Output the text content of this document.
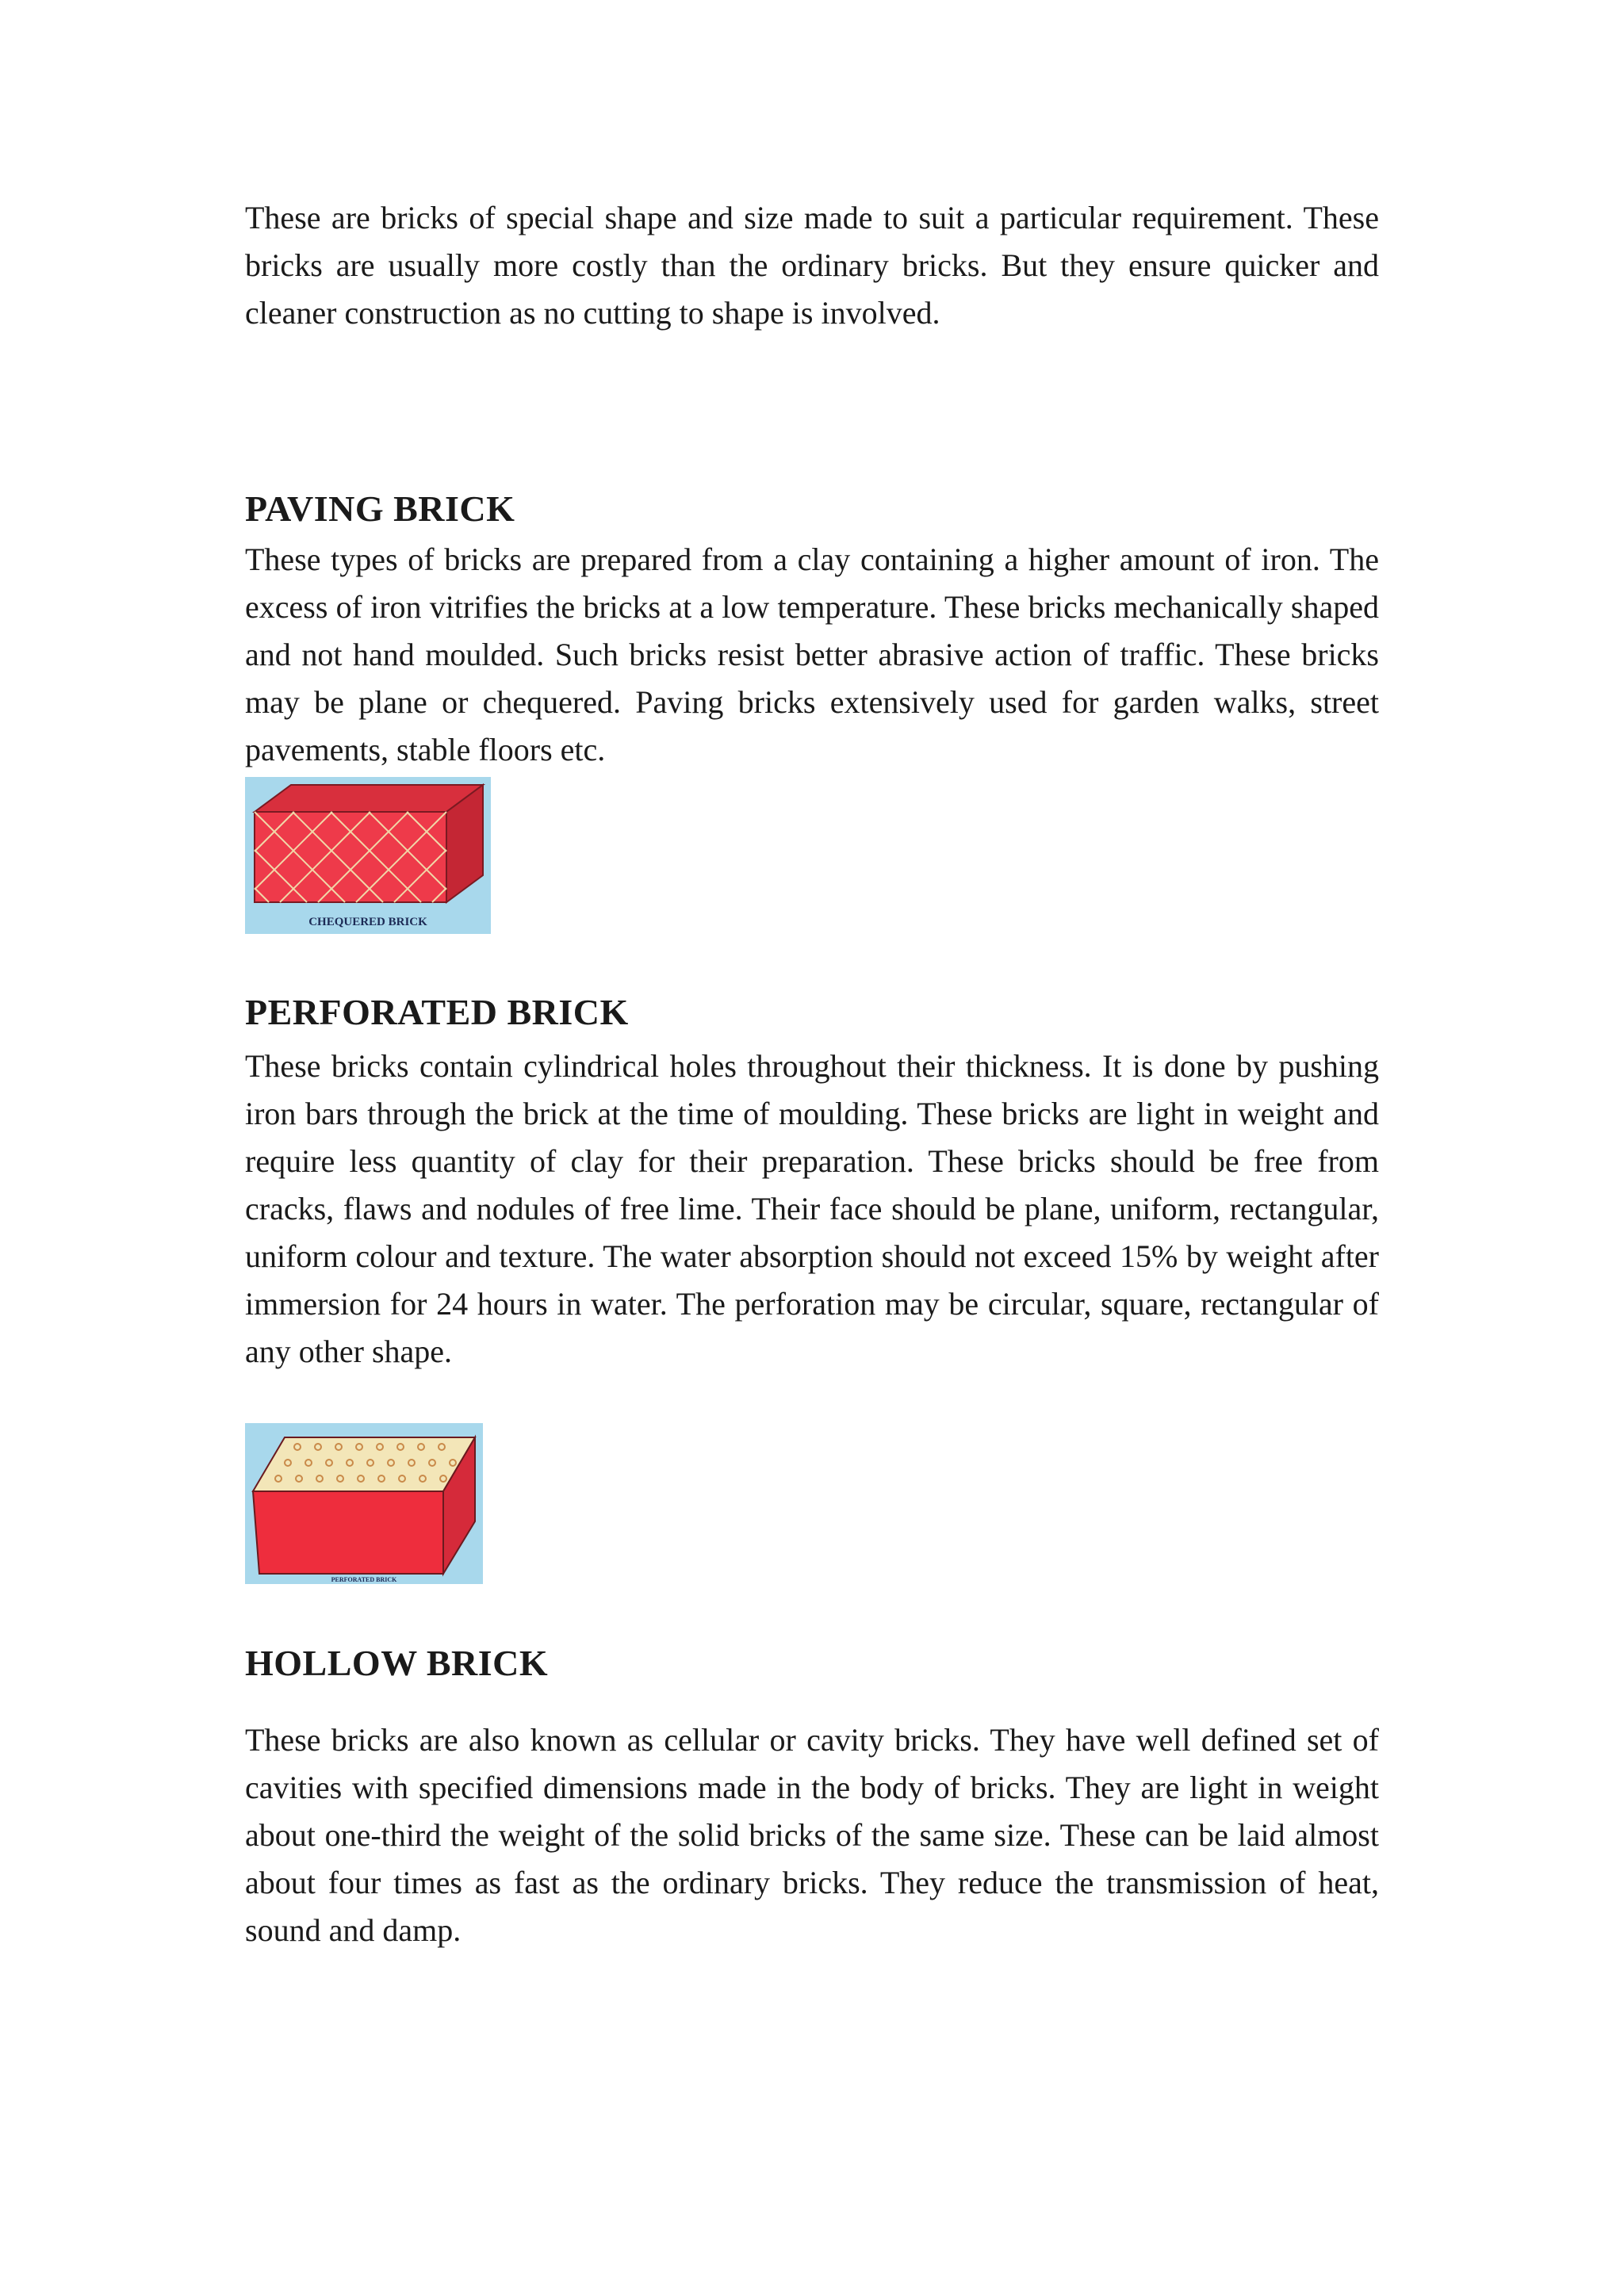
These are bricks of special shape and size made to suit a particular requirement. These bricks are usually more costly than the ordinary bricks. But they ensure quicker and cleaner construction as no cutting to shape is involved.

PAVING BRICK

These types of bricks are prepared from a clay containing a higher amount of iron. The excess of iron vitrifies the bricks at a low temperature. These bricks mechanically shaped and not hand moulded. Such bricks resist better abrasive action of traffic. These bricks may be plane or chequered. Paving bricks extensively used for garden walks, street pavements, stable floors etc.

CHEQUERED BRICK
PERFORATED BRICK

These bricks contain cylindrical holes throughout their thickness. It is done by pushing iron bars through the brick at the time of moulding. These bricks are light in weight and require less quantity of clay for their preparation. These bricks should be free from cracks, flaws and nodules of free lime. Their face should be plane, uniform, rectangular, uniform colour and texture. The water absorption should not exceed 15% by weight after immersion for 24 hours in water. The perforation may be circular, square, rectangular of any other shape.

PERFORATED BRICK
HOLLOW BRICK

These bricks are also known as cellular or cavity bricks. They have well defined set of cavities with specified dimensions made in the body of bricks. They are light in weight about one-third the weight of the solid bricks of the same size. These can be laid almost about four times as fast as the ordinary bricks. They reduce the transmission of heat, sound and damp.
